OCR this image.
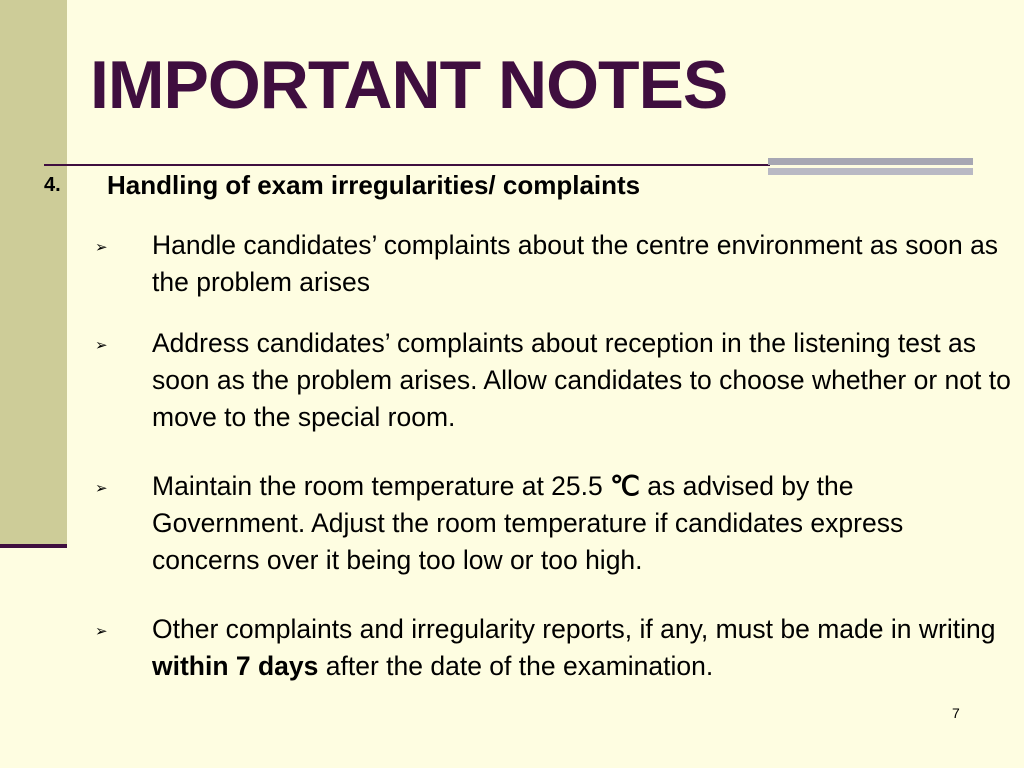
IMPORTANT NOTES
4. Handling of exam irregularities/ complaints
➢ Handle candidates’ complaints about the centre environment as soon as the problem arises
➢ Address candidates’ complaints about reception in the listening test as soon as the problem arises. Allow candidates to choose whether or not to move to the special room.
➢ Maintain the room temperature at 25.5 ℃ as advised by the Government. Adjust the room temperature if candidates express concerns over it being too low or too high.
➢ Other complaints and irregularity reports, if any, must be made in writing within 7 days after the date of the examination.
7
